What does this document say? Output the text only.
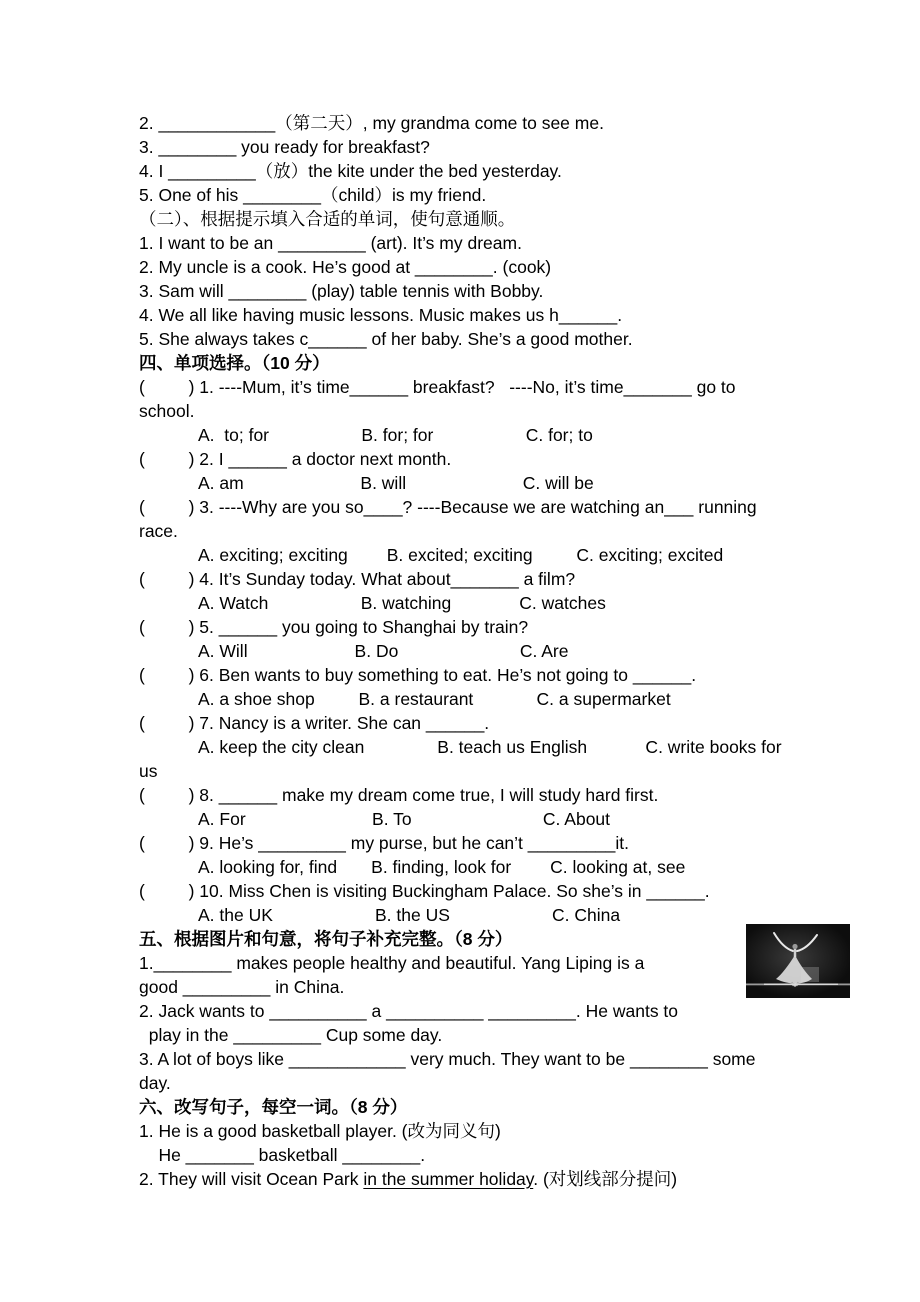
2. ____________（第二天）, my grandma come to see me.
3. ________ you ready for breakfast?
4. I _________（放）the kite under the bed yesterday.
5. One of his ________（child）is my friend.
（二）、根据提示填入合适的单词，使句意通顺。
1. I want to be an _________ (art). It’s my dream.
2. My uncle is a cook. He’s good at ________. (cook)
3. Sam will ________ (play) table tennis with Bobby.
4. We all like having music lessons. Music makes us h______.
5. She always takes c______ of her baby. She’s a good mother.
四、单项选择。（10 分）
(         ) 1. ----Mum, it’s time______ breakfast?   ----No, it’s time_______ go to
school.
A.  to; for                   B. for; for                   C. for; to
(         ) 2. I ______ a doctor next month.
A. am                        B. will                        C. will be
(         ) 3. ----Why are you so____? ----Because we are watching an___ running
race.
A. exciting; exciting        B. excited; exciting         C. exciting; excited
(         ) 4. It’s Sunday today. What about_______ a film?
A. Watch                   B. watching              C. watches
(         ) 5. ______ you going to Shanghai by train?
A. Will                      B. Do                         C. Are
(         ) 6. Ben wants to buy something to eat. He’s not going to ______.
A. a shoe shop         B. a restaurant             C. a supermarket
(         ) 7. Nancy is a writer. She can ______.
A. keep the city clean               B. teach us English            C. write books for
us
(         ) 8. ______ make my dream come true, I will study hard first.
A. For                          B. To                           C. About
(         ) 9. He’s _________ my purse, but he can’t _________it.
A. looking for, find       B. finding, look for        C. looking at, see
(         ) 10. Miss Chen is visiting Buckingham Palace. So she’s in ______.
A. the UK                     B. the US                     C. China
五、根据图片和句意，将句子补充完整。（8 分）
1.________ makes people healthy and beautiful. Yang Liping is a
good _________ in China.
2. Jack wants to __________ a __________ _________. He wants to
play in the _________ Cup some day.
3. A lot of boys like ____________ very much. They want to be ________ some
day.
六、改写句子，每空一词。（8 分）
1. He is a good basketball player. (改为同义句)
He _______ basketball ________.
2. They will visit Ocean Park in the summer holiday. (对划线部分提问)
